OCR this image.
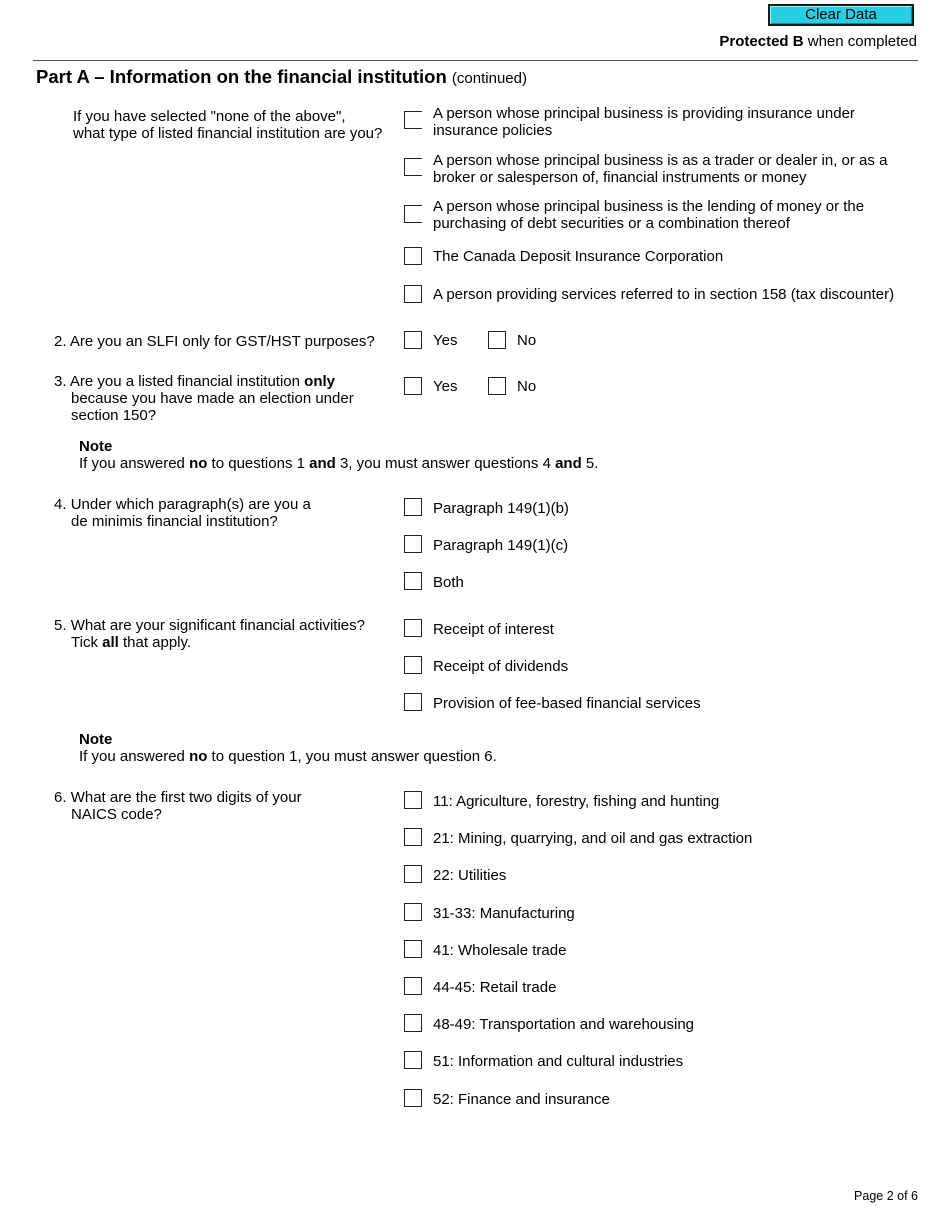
Clear Data
Protected B when completed
Part A – Information on the financial institution (continued)
If you have selected "none of the above",
what type of listed financial institution are you?
A person whose principal business is providing insurance under
insurance policies
A person whose principal business is as a trader or dealer in, or as a
broker or salesperson of, financial instruments or money
A person whose principal business is the lending of money or the
purchasing of debt securities or a combination thereof
The Canada Deposit Insurance Corporation
A person providing services referred to in section 158 (tax discounter)
2. Are you an SLFI only for GST/HST purposes?	Yes	No
3. Are you a listed financial institution only
because you have made an election under
section 150?
Yes	No
Note
If you answered no to questions 1 and 3, you must answer questions 4 and 5.
4. Under which paragraph(s) are you a
de minimis financial institution?
Paragraph 149(1)(b)
Paragraph 149(1)(c)
Both
5. What are your significant financial activities?
Tick all that apply.
Receipt of interest
Receipt of dividends
Provision of fee-based financial services
Note
If you answered no to question 1, you must answer question 6.
6. What are the first two digits of your
NAICS code?
11: Agriculture, forestry, fishing and hunting
21: Mining, quarrying, and oil and gas extraction
22: Utilities
31-33: Manufacturing
41: Wholesale trade
44-45: Retail trade
48-49: Transportation and warehousing
51: Information and cultural industries
52: Finance and insurance
Page 2 of 6
